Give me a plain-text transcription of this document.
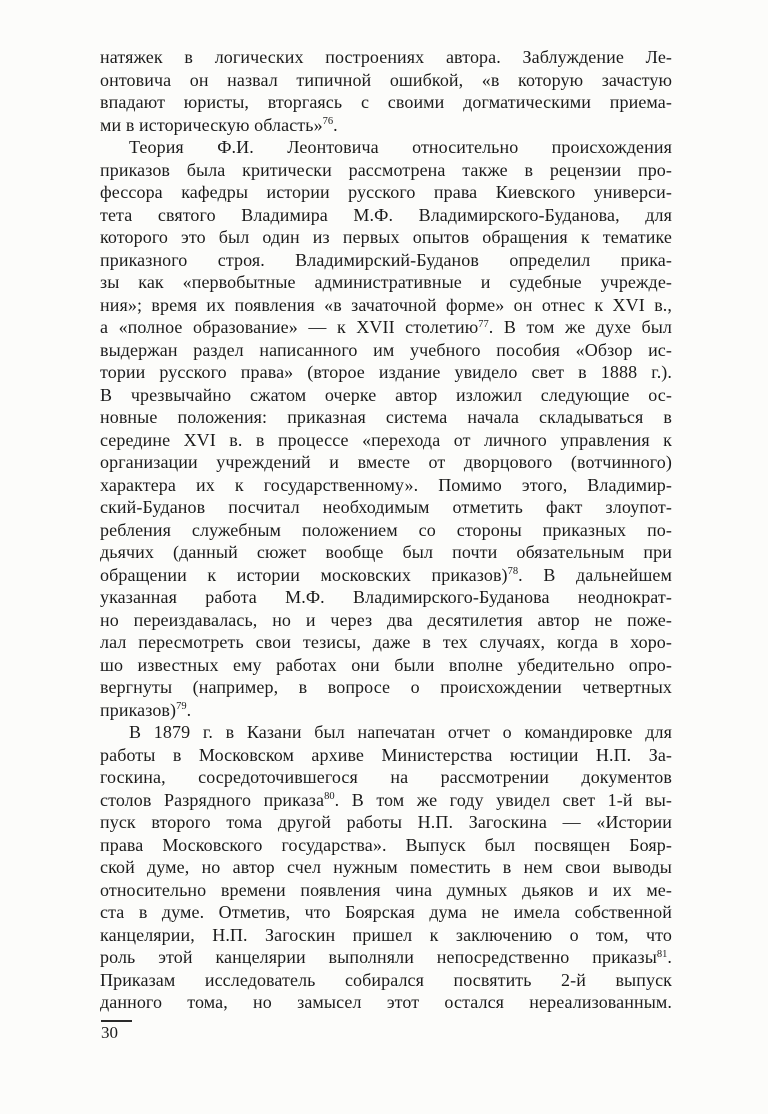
натяжек в логических построениях автора. Заблуждение Ле-
онтовича он назвал типичной ошибкой, «в которую зачастую
впадают юристы, вторгаясь с своими догматическими приема-
ми в историческую область»$^{76}$.
Теория Ф.И. Леонтовича относительно происхождения
приказов была критически рассмотрена также в рецензии про-
фессора кафедры истории русского права Киевского универси-
тета святого Владимира М.Ф. Владимирского-Буданова, для
которого это был один из первых опытов обращения к тематике
приказного строя. Владимирский-Буданов определил прика-
зы как «первобытные административные и судебные учрежде-
ния»; время их появления «в зачаточной форме» он отнес к XVI в.,
а «полное образование» — к XVII столетию$^{77}$. В том же духе был
выдержан раздел написанного им учебного пособия «Обзор ис-
тории русского права» (второе издание увидело свет в 1888 г.).
В чрезвычайно сжатом очерке автор изложил следующие ос-
новные положения: приказная система начала складываться в
середине XVI в. в процессе «перехода от личного управления к
организации учреждений и вместе от дворцового (вотчинного)
характера их к государственному». Помимо этого, Владимир-
ский-Буданов посчитал необходимым отметить факт злоупот-
ребления служебным положением со стороны приказных по-
дьячих (данный сюжет вообще был почти обязательным при
обращении к истории московских приказов)$^{78}$. В дальнейшем
указанная работа М.Ф. Владимирского-Буданова неоднократ-
но переиздавалась, но и через два десятилетия автор не поже-
лал пересмотреть свои тезисы, даже в тех случаях, когда в хоро-
шо известных ему работах они были вполне убедительно опро-
вергнуты (например, в вопросе о происхождении четвертных
приказов)$^{79}$.
В 1879 г. в Казани был напечатан отчет о командировке для
работы в Московском архиве Министерства юстиции Н.П. За-
госкина, сосредоточившегося на рассмотрении документов
столов Разрядного приказа$^{80}$. В том же году увидел свет 1-й вы-
пуск второго тома другой работы Н.П. Загоскина — «Истории
права Московского государства». Выпуск был посвящен Бояр-
ской думе, но автор счел нужным поместить в нем свои выводы
относительно времени появления чина думных дьяков и их ме-
ста в думе. Отметив, что Боярская дума не имела собственной
канцелярии, Н.П. Загоскин пришел к заключению о том, что
роль этой канцелярии выполняли непосредственно приказы$^{81}$.
Приказам исследователь собирался посвятить 2-й выпуск
данного тома, но замысел этот остался нереализованным.
30
